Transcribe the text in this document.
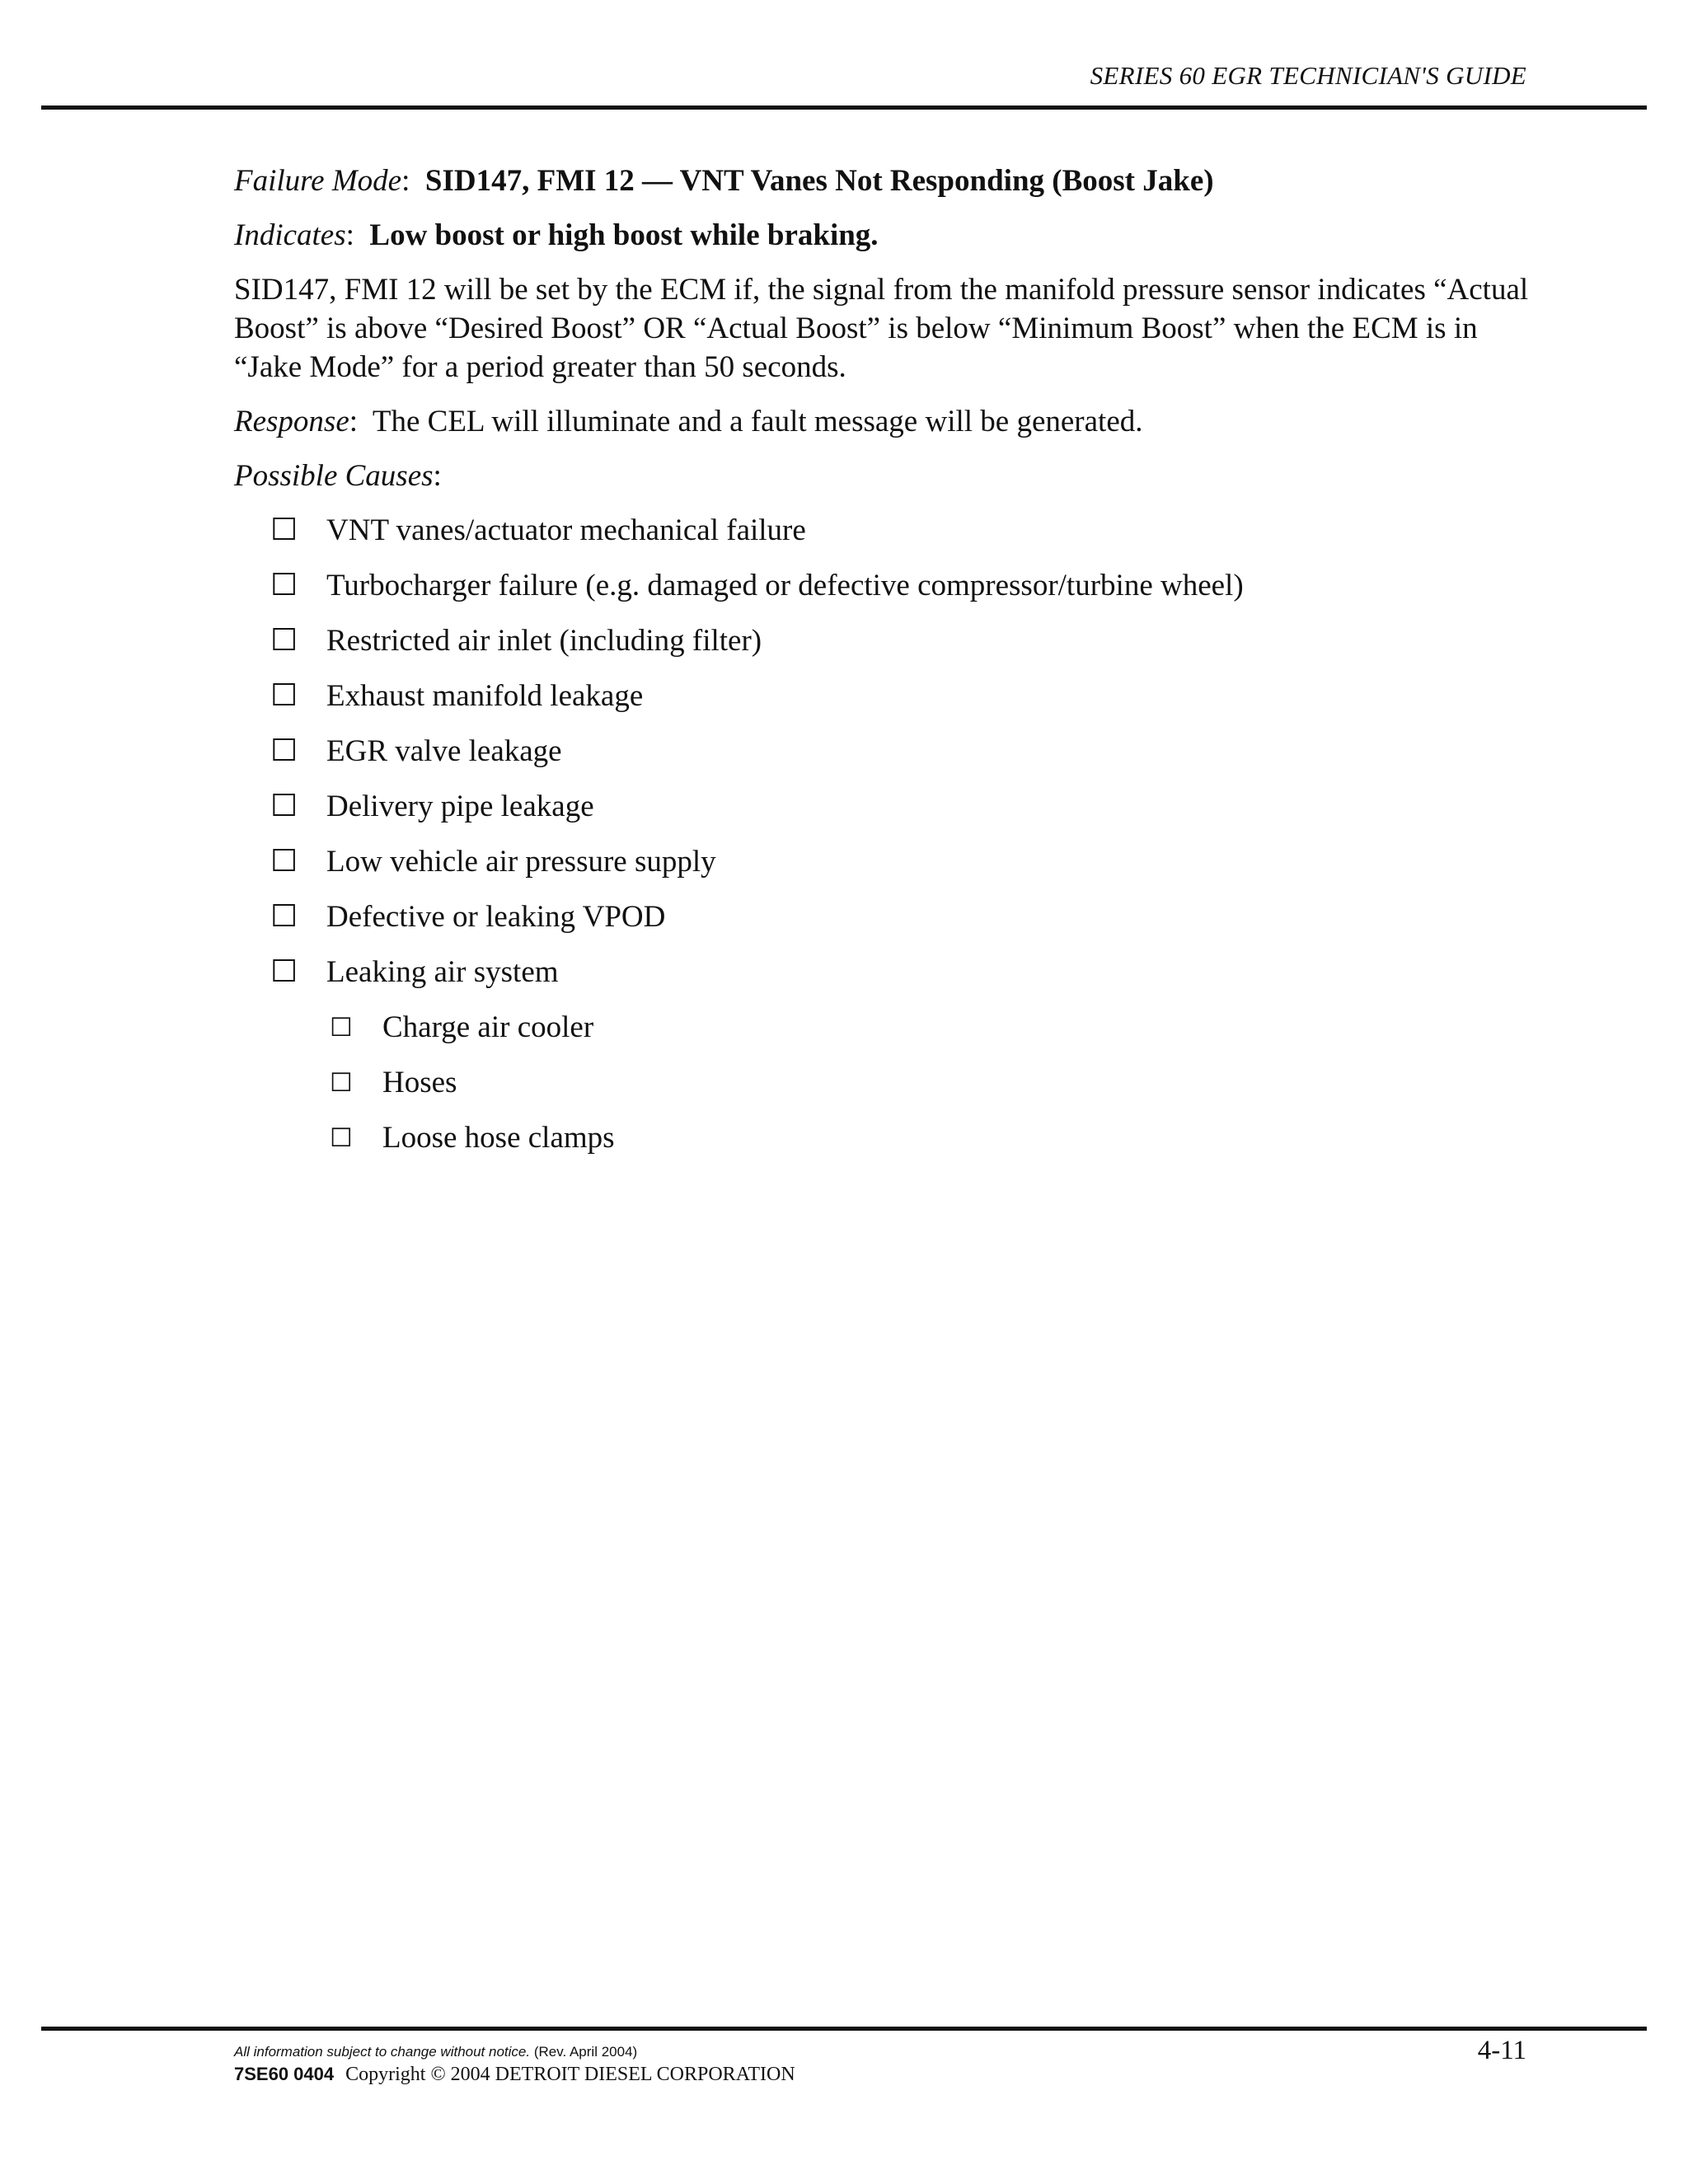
SERIES 60 EGR TECHNICIAN'S GUIDE

Failure Mode:  SID147, FMI 12 — VNT Vanes Not Responding (Boost Jake)

Indicates:  Low boost or high boost while braking.

SID147, FMI 12 will be set by the ECM if, the signal from the manifold pressure sensor indicates “Actual Boost” is above “Desired Boost” OR “Actual Boost” is below “Minimum Boost” when the ECM is in “Jake Mode” for a period greater than 50 seconds.

Response:  The CEL will illuminate and a fault message will be generated.

Possible Causes:

☐ VNT vanes/actuator mechanical failure
☐ Turbocharger failure (e.g. damaged or defective compressor/turbine wheel)
☐ Restricted air inlet (including filter)
☐ Exhaust manifold leakage
☐ EGR valve leakage
☐ Delivery pipe leakage
☐ Low vehicle air pressure supply
☐ Defective or leaking VPOD
☐ Leaking air system
☐ Charge air cooler
☐ Hoses
☐ Loose hose clamps
All information subject to change without notice. (Rev. April 2004)
7SE60 0404 Copyright © 2004 DETROIT DIESEL CORPORATION
4-11
